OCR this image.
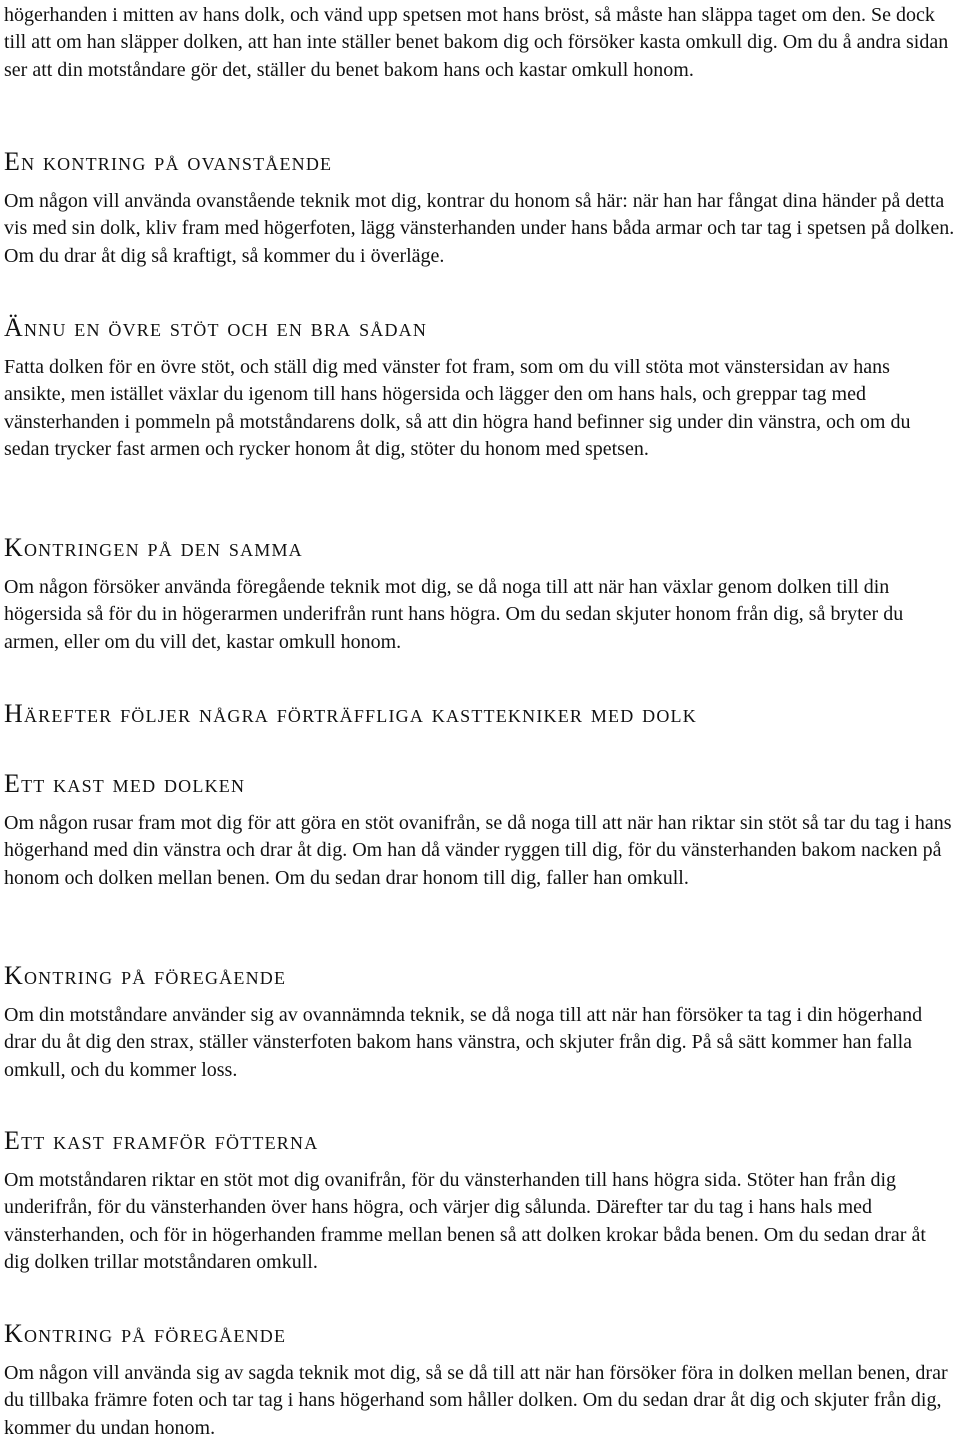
högerhanden i mitten av hans dolk, och vänd upp spetsen mot hans bröst, så måste han släppa taget om den. Se dock till att om han släpper dolken, att han inte ställer benet bakom dig och försöker kasta omkull dig. Om du å andra sidan ser att din motståndare gör det, ställer du benet bakom hans och kastar omkull honom.

En kontring på ovanstående

Om någon vill använda ovanstående teknik mot dig, kontrar du honom så här: när han har fångat dina händer på detta vis med sin dolk, kliv fram med högerfoten, lägg vänsterhanden under hans båda armar och tar tag i spetsen på dolken. Om du drar åt dig så kraftigt, så kommer du i överläge.

Ännu en övre stöt och en bra sådan

Fatta dolken för en övre stöt, och ställ dig med vänster fot fram, som om du vill stöta mot vänstersidan av hans ansikte, men istället växlar du igenom till hans högersida och lägger den om hans hals, och greppar tag med vänsterhanden i pommeln på motståndarens dolk, så att din högra hand befinner sig under din vänstra, och om du sedan trycker fast armen och rycker honom åt dig, stöter du honom med spetsen.

Kontringen på den samma

Om någon försöker använda föregående teknik mot dig, se då noga till att när han växlar genom dolken till din högersida så för du in högerarmen underifrån runt hans högra. Om du sedan skjuter honom från dig, så bryter du armen, eller om du vill det, kastar omkull honom.

Härefter följer några förträffliga kasttekniker med dolk
Ett kast med dolken

Om någon rusar fram mot dig för att göra en stöt ovanifrån, se då noga till att när han riktar sin stöt så tar du tag i hans högerhand med din vänstra och drar åt dig. Om han då vänder ryggen till dig, för du vänsterhanden bakom nacken på honom och dolken mellan benen. Om du sedan drar honom till dig, faller han omkull.

Kontring på föregående

Om din motståndare använder sig av ovannämnda teknik, se då noga till att när han försöker ta tag i din högerhand drar du åt dig den strax, ställer vänsterfoten bakom hans vänstra, och skjuter från dig. På så sätt kommer han falla omkull, och du kommer loss.

Ett kast framför fötterna

Om motståndaren riktar en stöt mot dig ovanifrån, för du vänsterhanden till hans högra sida. Stöter han från dig underifrån, för du vänsterhanden över hans högra, och värjer dig sålunda. Därefter tar du tag i hans hals med vänsterhanden, och för in högerhanden framme mellan benen så att dolken krokar båda benen. Om du sedan drar åt dig dolken trillar motståndaren omkull.

Kontring på föregående

Om någon vill använda sig av sagda teknik mot dig, så se då till att när han försöker föra in dolken mellan benen, drar du tillbaka främre foten och tar tag i hans högerhand som håller dolken. Om du sedan drar åt dig och skjuter från dig, kommer du undan honom.
